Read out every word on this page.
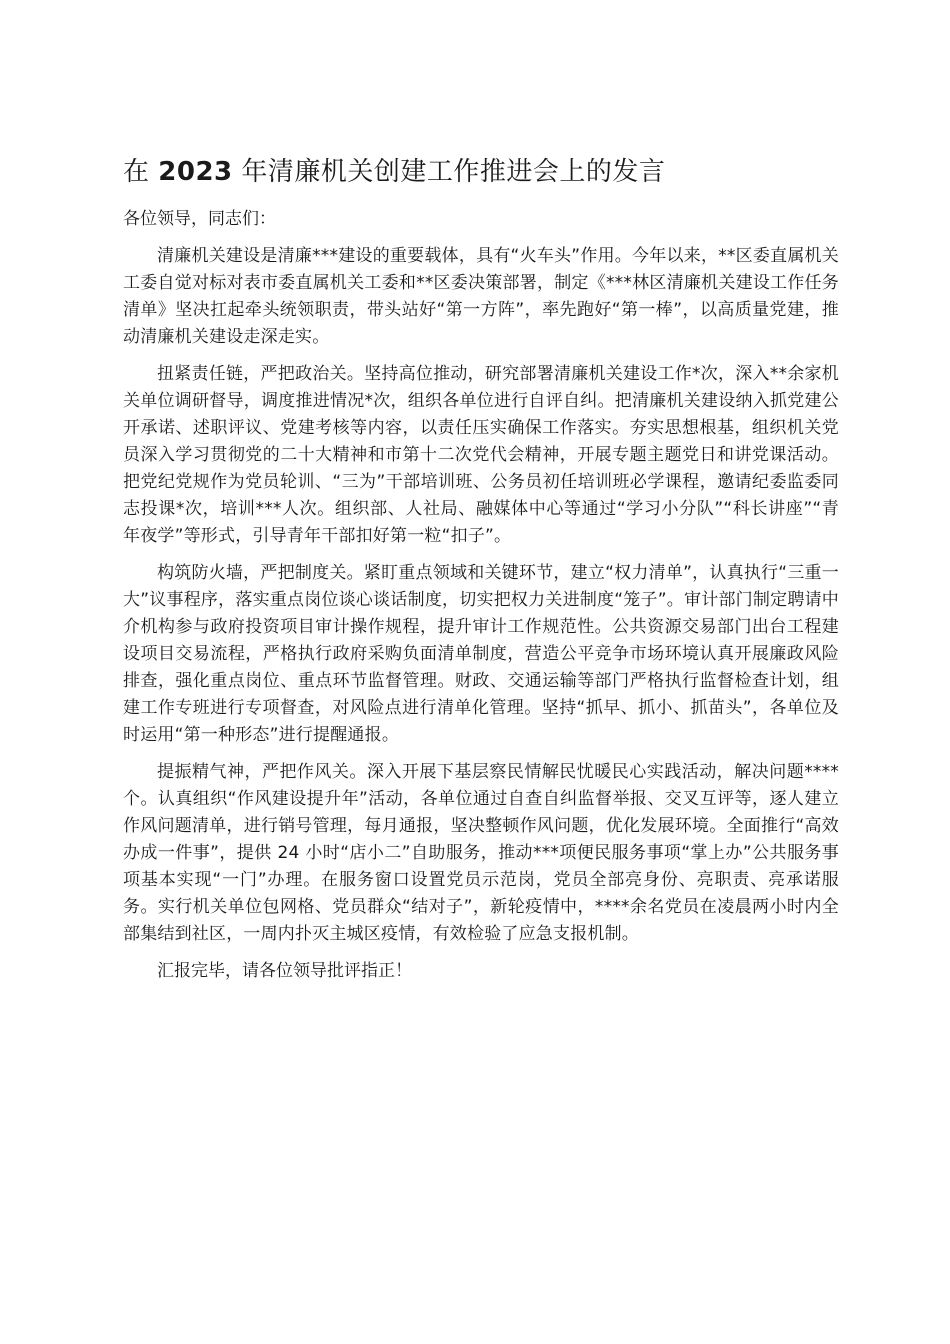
在 2023 年清廉机关创建工作推进会上的发言

各位领导，同志们：

清廉机关建设是清廉***建设的重要载体，具有“火车头”作用。今年以来，**区委直属机关工委自觉对标对表市委直属机关工委和**区委决策部署，制定《***林区清廉机关建设工作任务清单》坚决扛起牵头统领职责，带头站好“第一方阵”，率先跑好“第一棒”，以高质量党建，推动清廉机关建设走深走实。

扭紧责任链，严把政治关。坚持高位推动，研究部署清廉机关建设工作*次，深入**余家机关单位调研督导，调度推进情况*次，组织各单位进行自评自纠。把清廉机关建设纳入抓党建公开承诺、述职评议、党建考核等内容，以责任压实确保工作落实。夯实思想根基，组织机关党员深入学习贯彻党的二十大精神和市第十二次党代会精神，开展专题主题党日和讲党课活动。把党纪党规作为党员轮训、“三为”干部培训班、公务员初任培训班必学课程，邀请纪委监委同志投课*次，培训***人次。组织部、人社局、融媒体中心等通过“学习小分队”“科长讲座”“青年夜学”等形式，引导青年干部扣好第一粒“扣子”。

构筑防火墙，严把制度关。紧盯重点领域和关键环节，建立“权力清单”，认真执行“三重一大”议事程序，落实重点岗位谈心谈话制度，切实把权力关进制度“笼子”。审计部门制定聘请中介机构参与政府投资项目审计操作规程，提升审计工作规范性。公共资源交易部门出台工程建设项目交易流程，严格执行政府采购负面清单制度，营造公平竞争市场环境认真开展廉政风险排查，强化重点岗位、重点环节监督管理。财政、交通运输等部门严格执行监督检查计划，组建工作专班进行专项督查，对风险点进行清单化管理。坚持“抓早、抓小、抓苗头”，各单位及时运用“第一种形态”进行提醒通报。

提振精气神，严把作风关。深入开展下基层察民情解民忧暖民心实践活动，解决问题****个。认真组织“作风建设提升年”活动，各单位通过自查自纠监督举报、交叉互评等，逐人建立作风问题清单，进行销号管理，每月通报，坚决整顿作风问题，优化发展环境。全面推行“高效办成一件事”，提供 24 小时“店小二”自助服务，推动***项便民服务事项“掌上办”公共服务事项基本实现“一门”办理。在服务窗口设置党员示范岗，党员全部亮身份、亮职责、亮承诺服务。实行机关单位包网格、党员群众“结对子”，新轮疫情中，****余名党员在凌晨两小时内全部集结到社区，一周内扑灭主城区疫情，有效检验了应急支报机制。

汇报完毕，请各位领导批评指正！
